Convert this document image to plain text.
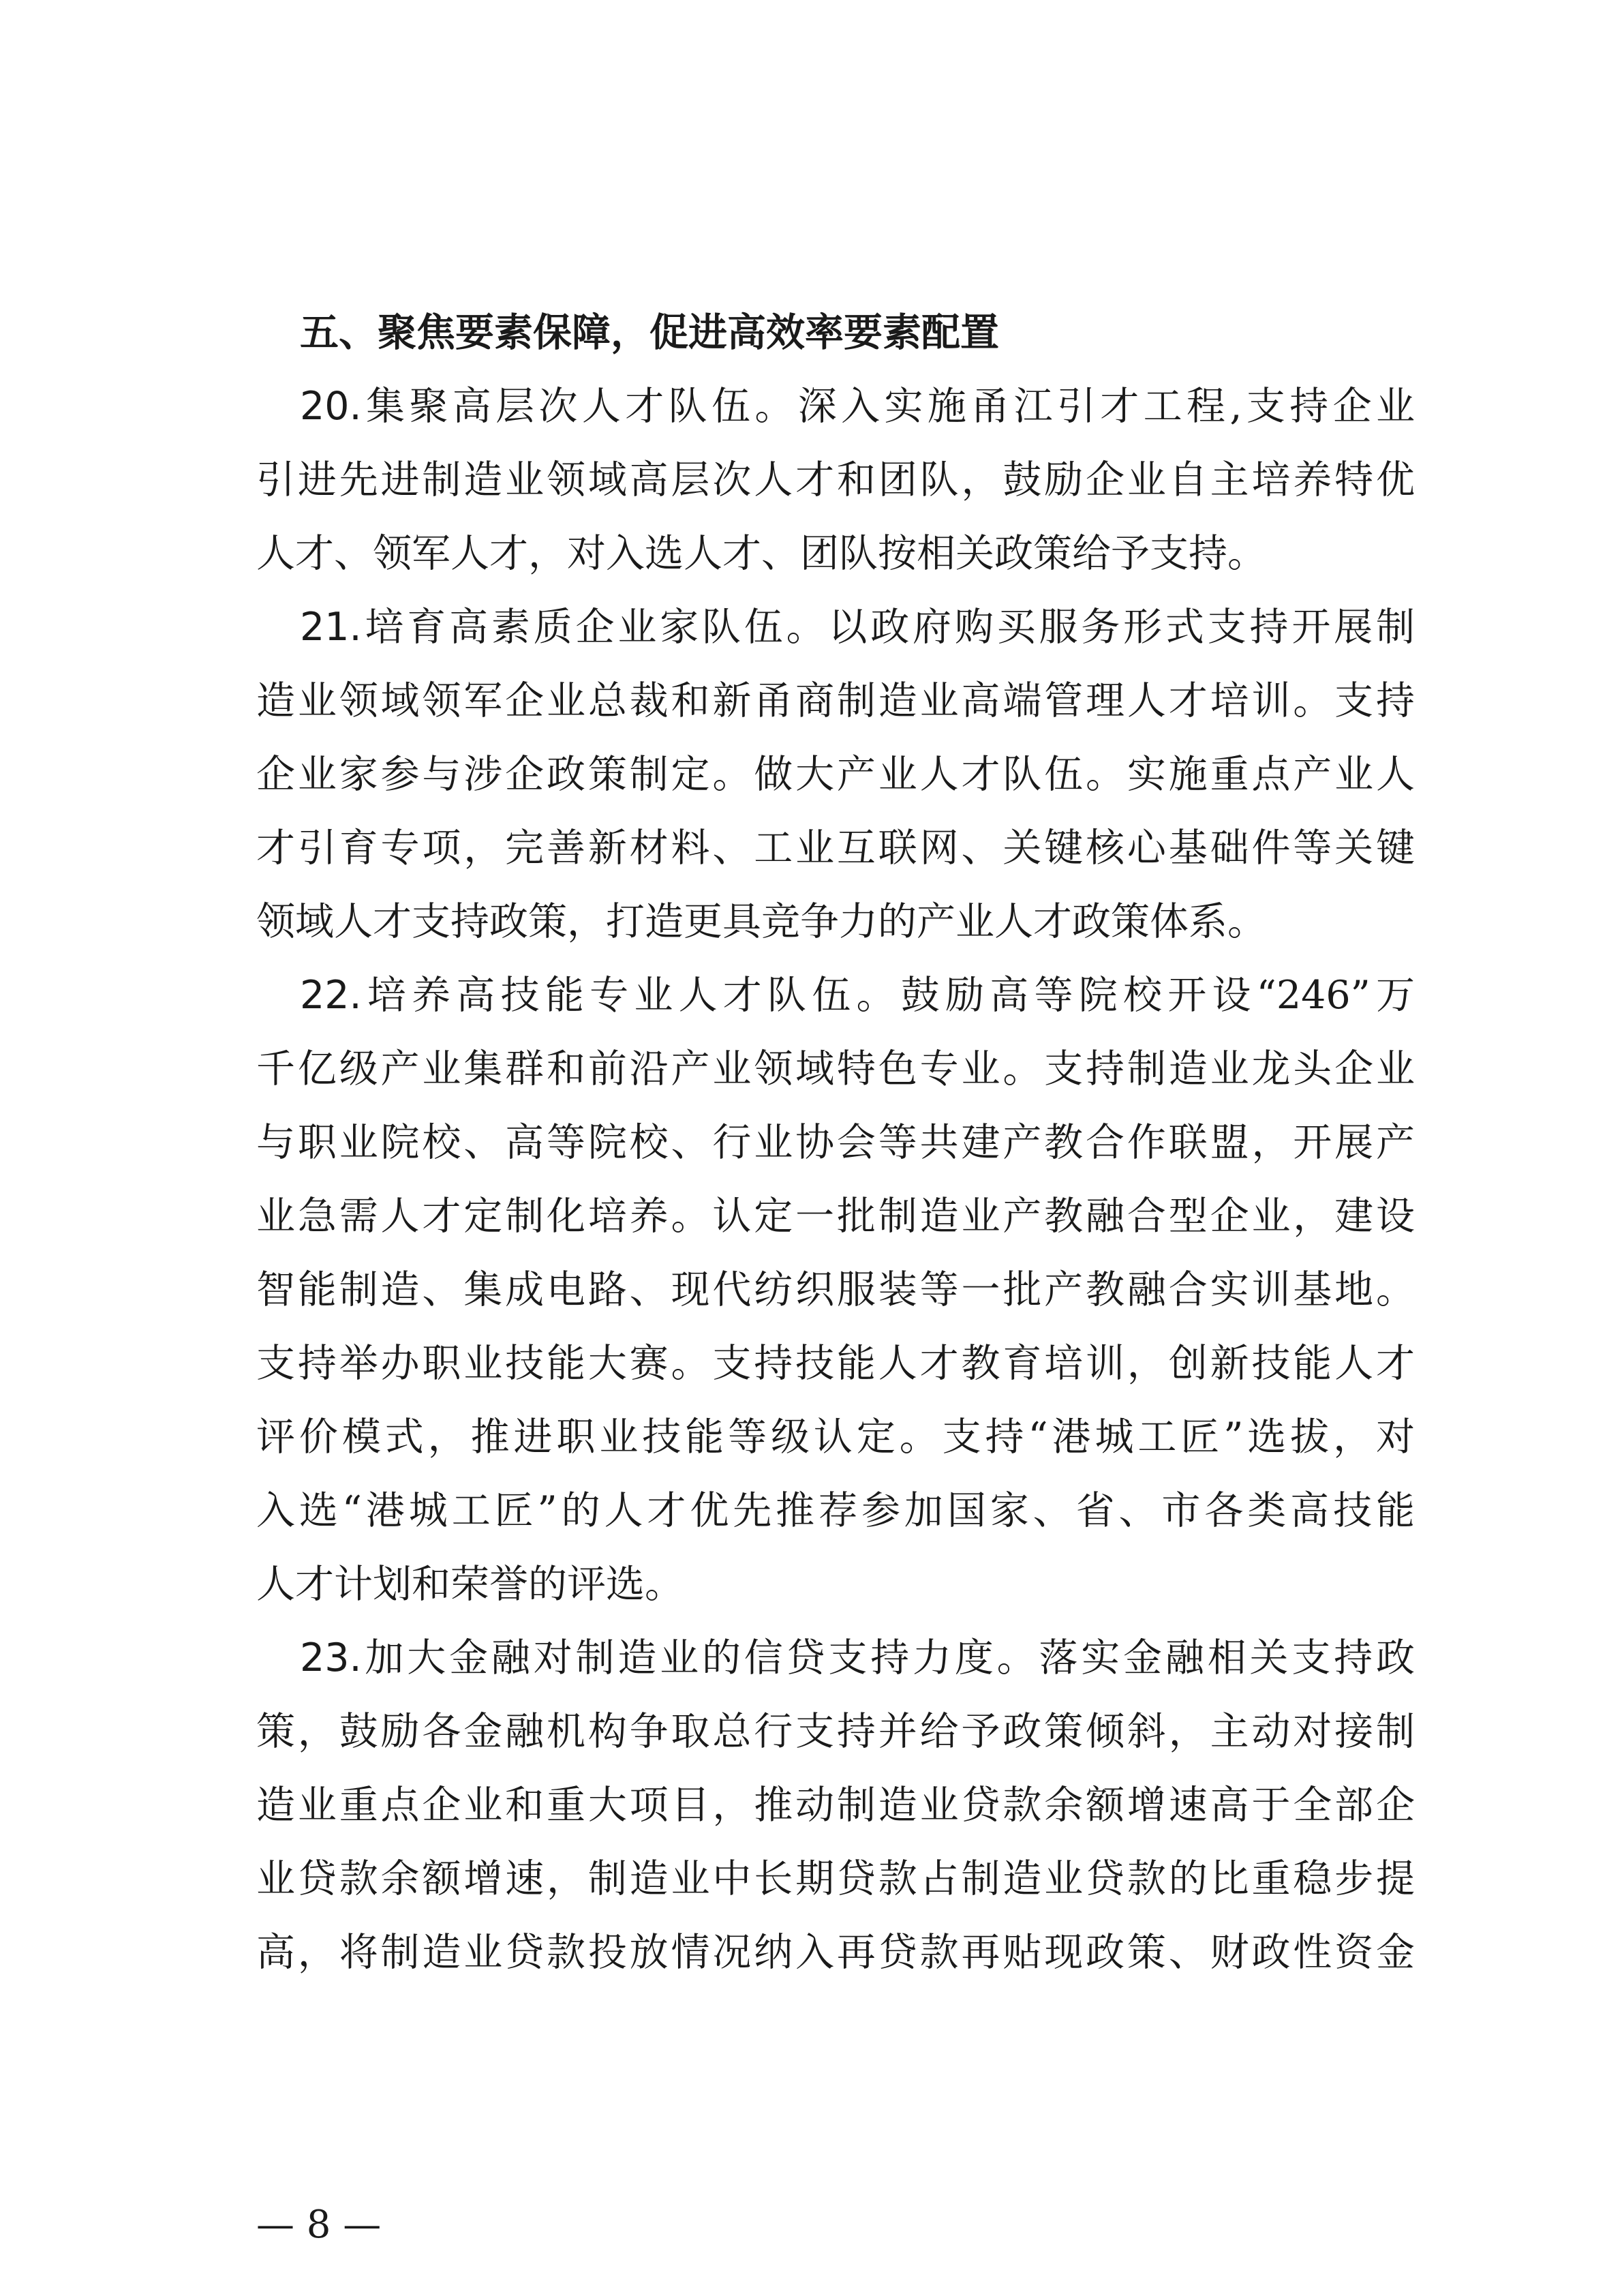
五、聚焦要素保障，促进高效率要素配置
20.集聚高层次人才队伍。深入实施甬江引才工程,支持企业
引进先进制造业领域高层次人才和团队，鼓励企业自主培养特优
人才、领军人才，对入选人才、团队按相关政策给予支持。
21.培育高素质企业家队伍。以政府购买服务形式支持开展制
造业领域领军企业总裁和新甬商制造业高端管理人才培训。支持
企业家参与涉企政策制定。做大产业人才队伍。实施重点产业人
才引育专项，完善新材料、工业互联网、关键核心基础件等关键
领域人才支持政策，打造更具竞争力的产业人才政策体系。
22.培养高技能专业人才队伍。鼓励高等院校开设“246”万
千亿级产业集群和前沿产业领域特色专业。支持制造业龙头企业
与职业院校、高等院校、行业协会等共建产教合作联盟，开展产
业急需人才定制化培养。认定一批制造业产教融合型企业，建设
智能制造、集成电路、现代纺织服装等一批产教融合实训基地。
支持举办职业技能大赛。支持技能人才教育培训，创新技能人才
评价模式，推进职业技能等级认定。支持“港城工匠”选拔，对
入选“港城工匠”的人才优先推荐参加国家、省、市各类高技能
人才计划和荣誉的评选。
23.加大金融对制造业的信贷支持力度。落实金融相关支持政
策，鼓励各金融机构争取总行支持并给予政策倾斜，主动对接制
造业重点企业和重大项目，推动制造业贷款余额增速高于全部企
业贷款余额增速，制造业中长期贷款占制造业贷款的比重稳步提
高，将制造业贷款投放情况纳入再贷款再贴现政策、财政性资金
— 8 —
